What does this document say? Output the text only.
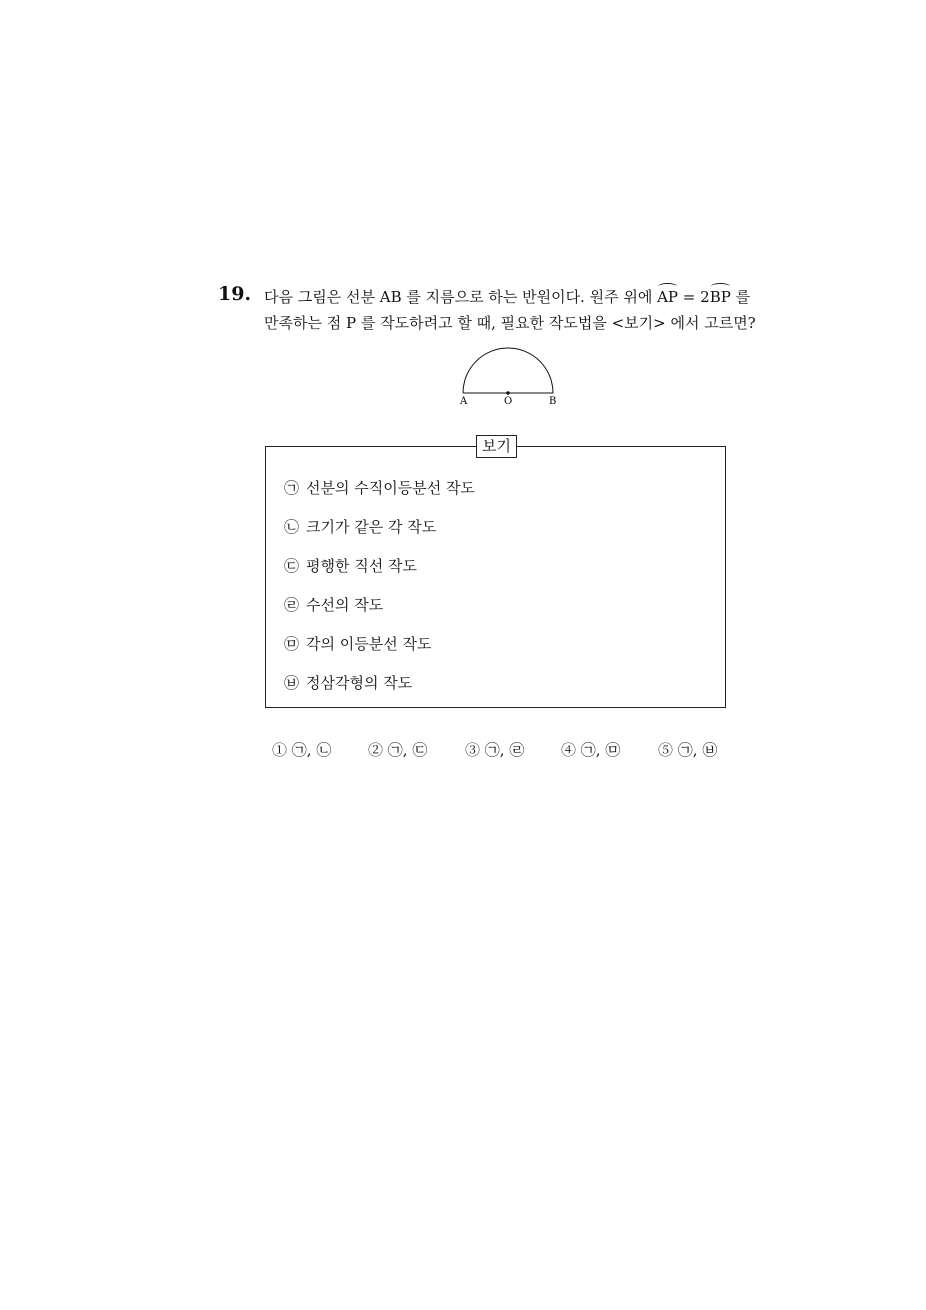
19. 다음 그림은 선분 AB 를 지름으로 하는 반원이다. 원주 위에 AP = 2BP 를
만족하는 점 P 를 작도하려고 할 때, 필요한 작도법을 <보기> 에서 고르면?
A	O	B
보기
㉠ 선분의 수직이등분선 작도
㉡ 크기가 같은 각 작도
㉢ 평행한 직선 작도
㉣ 수선의 작도
㉤ 각의 이등분선 작도
㉥ 정삼각형의 작도
① ㉠, ㉡ ② ㉠, ㉢	③ ㉠, ㉣ ④ ㉠, ㉤	⑤ ㉠, ㉥
